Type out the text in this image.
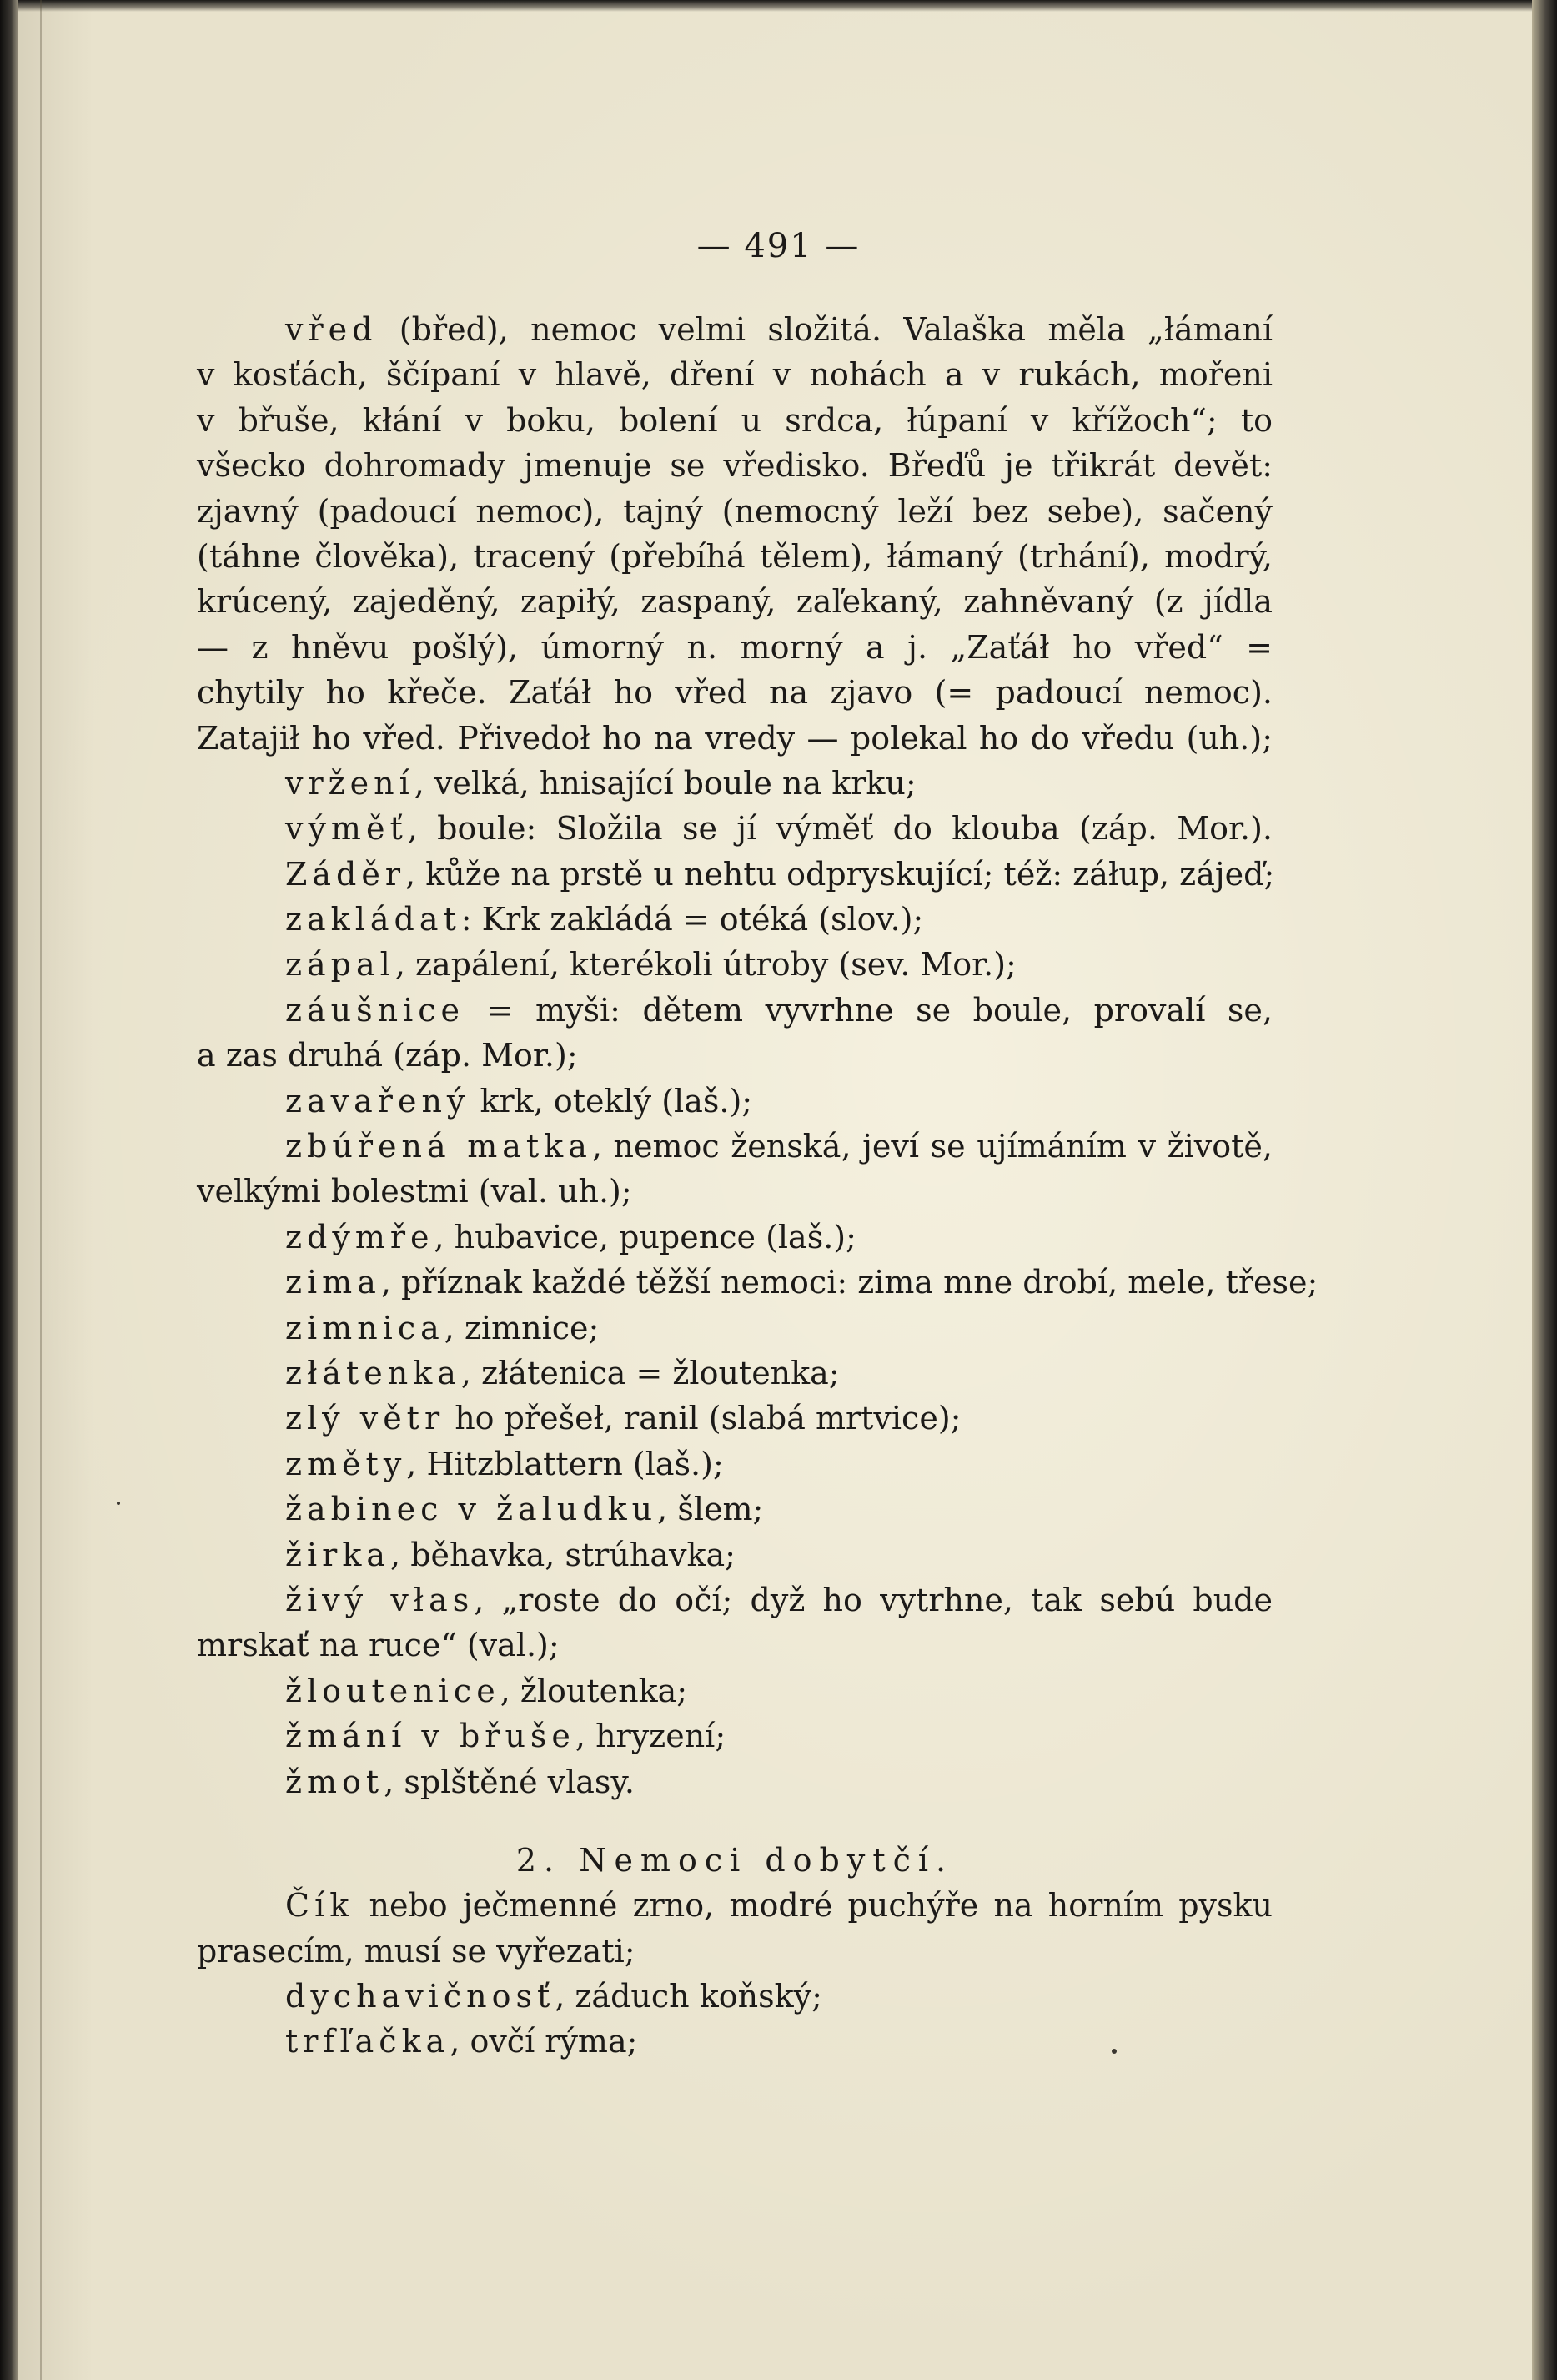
— 491 —
vřed (břed), nemoc velmi složitá. Valaška měla „łámaní
v kosťách, ščípaní v hlavě, dření v nohách a v rukách, mořeni
v břuše, kłání v boku, bolení u srdca, łúpaní v křížoch“; to
všecko dohromady jmenuje se vředisko. Břeďů je třikrát devět:
zjavný (padoucí nemoc), tajný (nemocný leží bez sebe), sačený
(táhne člověka), tracený (přebíhá tělem), łámaný (trhání), modrý,
krúcený, zajeděný, zapiłý, zaspaný, zaľekaný, zahněvaný (z jídla
— z hněvu pošlý), úmorný n. morný a j. „Zaťáł ho vřed“ =
chytily ho křeče. Zaťáł ho vřed na zjavo (= padoucí nemoc).
Zatajił ho vřed. Přivedoł ho na vredy — polekal ho do vředu (uh.);
vržení, velká, hnisající boule na krku;
výměť, boule: Složila se jí výměť do klouba (záp. Mor.).
Záděr, kůže na prstě u nehtu odpryskující; též: záłup, zájeď;
zakládat: Krk zakládá = otéká (slov.);
zápal, zapálení, kterékoli útroby (sev. Mor.);
záušnice = myši: dětem vyvrhne se boule, provalí se,
a zas druhá (záp. Mor.);
zavařený krk, oteklý (laš.);
zbúřená matka, nemoc ženská, jeví se ujímáním v životě,
velkými bolestmi (val. uh.);
zdýmře, hubavice, pupence (laš.);
zima, příznak každé těžší nemoci: zima mne drobí, mele, třese;
zimnica, zimnice;
złátenka, złátenica = žloutenka;
zlý větr ho přešeł, ranil (slabá mrtvice);
změty, Hitzblattern (laš.);
žabinec v žaludku, šlem;
žirka, běhavka, strúhavka;
živý vłas, „roste do očí; dyž ho vytrhne, tak sebú bude
mrskať na ruce“ (val.);
žloutenice, žloutenka;
žmání v břuše, hryzení;
žmot, splštěné vlasy.
2. Nemoci dobytčí.
Čík nebo ječmenné zrno, modré puchýře na horním pysku
prasecím, musí se vyřezati;
dychavičnosť, záduch koňský;
trfľačka, ovčí rýma;
